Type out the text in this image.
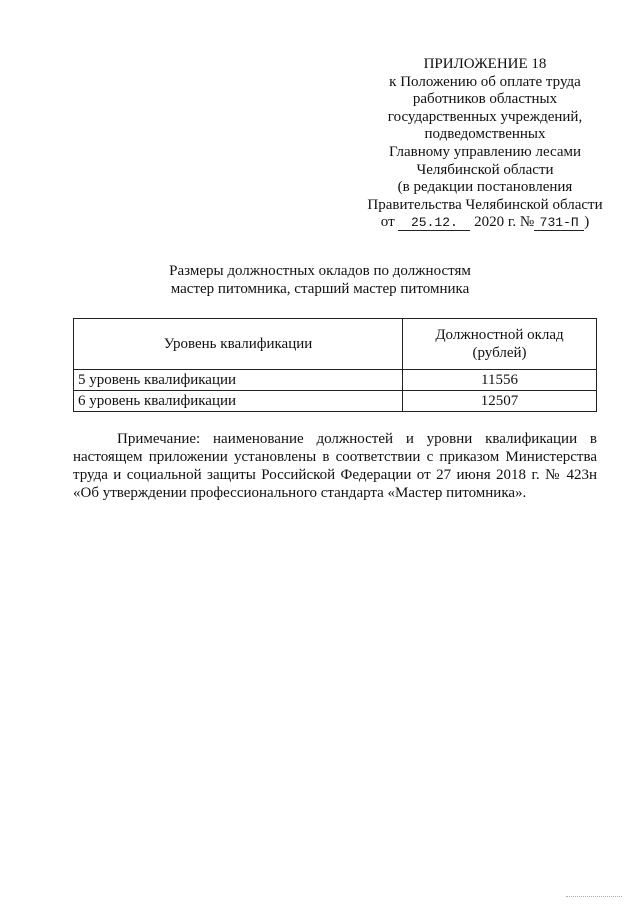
ПРИЛОЖЕНИЕ 18
к Положению об оплате труда
работников областных
государственных учреждений,
подведомственных
Главному управлению лесами
Челябинской области
(в редакции постановления
Правительства Челябинской области
от 25.12. 2020 г. № 731-П )
Размеры должностных окладов по должностям
мастер питомника, старший мастер питомника
Уровень квалификации	Должностной оклад (рублей)
5 уровень квалификации	11556
6 уровень квалификации	12507

Примечание: наименование должностей и уровни квалификации в настоящем приложении установлены в соответствии с приказом Министерства труда и социальной защиты Российской Федерации от 27 июня 2018 г. № 423н «Об утверждении профессионального стандарта «Мастер питомника».
